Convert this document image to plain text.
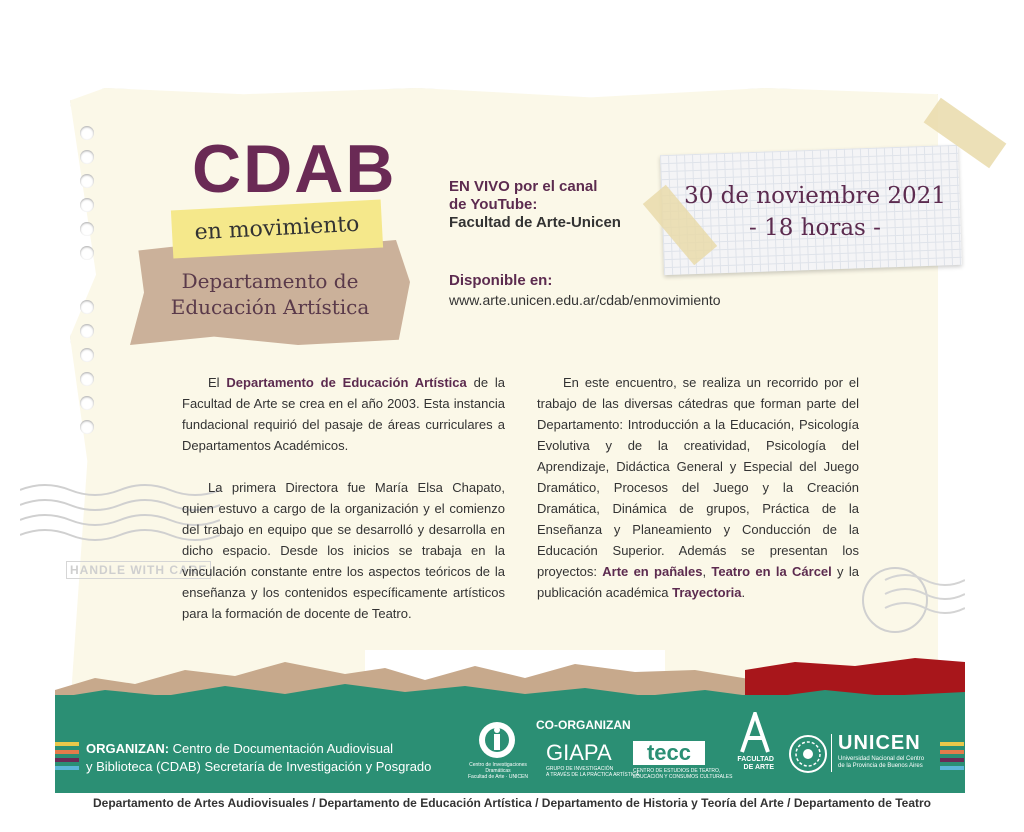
HANDLE WITH CARE
CDAB
en movimiento
Departamento de
Educación Artística
EN VIVO por el canal
de YouTube:
Facultad de Arte-Unicen
Disponible en:
www.arte.unicen.edu.ar/cdab/enmovimiento
30 de noviembre 2021
- 18 horas -

El Departamento de Educación Artística de la Facultad de Arte se crea en el año 2003. Esta instancia fundacional requirió del pasaje de áreas curriculares a Departamentos Académicos.

La primera Directora fue María Elsa Chapato, quien estuvo a cargo de la organización y el comienzo del trabajo en equipo que se desarrolló y desarrolla en dicho espacio. Desde los inicios se trabaja en la vinculación constante entre los aspectos teóricos de la enseñanza y los contenidos específicamente artísticos para la formación de docente de Teatro.

En este encuentro, se realiza un recorrido por el trabajo de las diversas cátedras que forman parte del Departamento: Introducción a la Educación, Psicología Evolutiva y de la creatividad, Psicología del Aprendizaje, Didáctica General y Especial del Juego Dramático, Procesos del Juego y la Creación Dramática, Dinámica de grupos, Práctica de la Enseñanza y Planeamiento y Conducción de la Educación Superior. Además se presentan los proyectos: Arte en pañales, Teatro en la Cárcel y la publicación académica Trayectoria.

ORGANIZAN: Centro de Documentación Audiovisual
y Biblioteca (CDAB) Secretaría de Investigación y Posgrado
CO-ORGANIZAN
Centro de Investigaciones Dramáticas
Facultad de Arte · UNICEN
GIAPA
GRUPO DE INVESTIGACIÓN
A TRAVÉS DE LA PRÁCTICA ARTÍSTICA
tecc
CENTRO DE ESTUDIOS DE TEATRO,
EDUCACIÓN Y CONSUMOS CULTURALES
FACULTAD
DE ARTE
UNICEN
Universidad Nacional del Centro
de la Provincia de Buenos Aires
Departamento de Artes Audiovisuales / Departamento de Educación Artística / Departamento de Historia y Teoría del Arte / Departamento de Teatro
